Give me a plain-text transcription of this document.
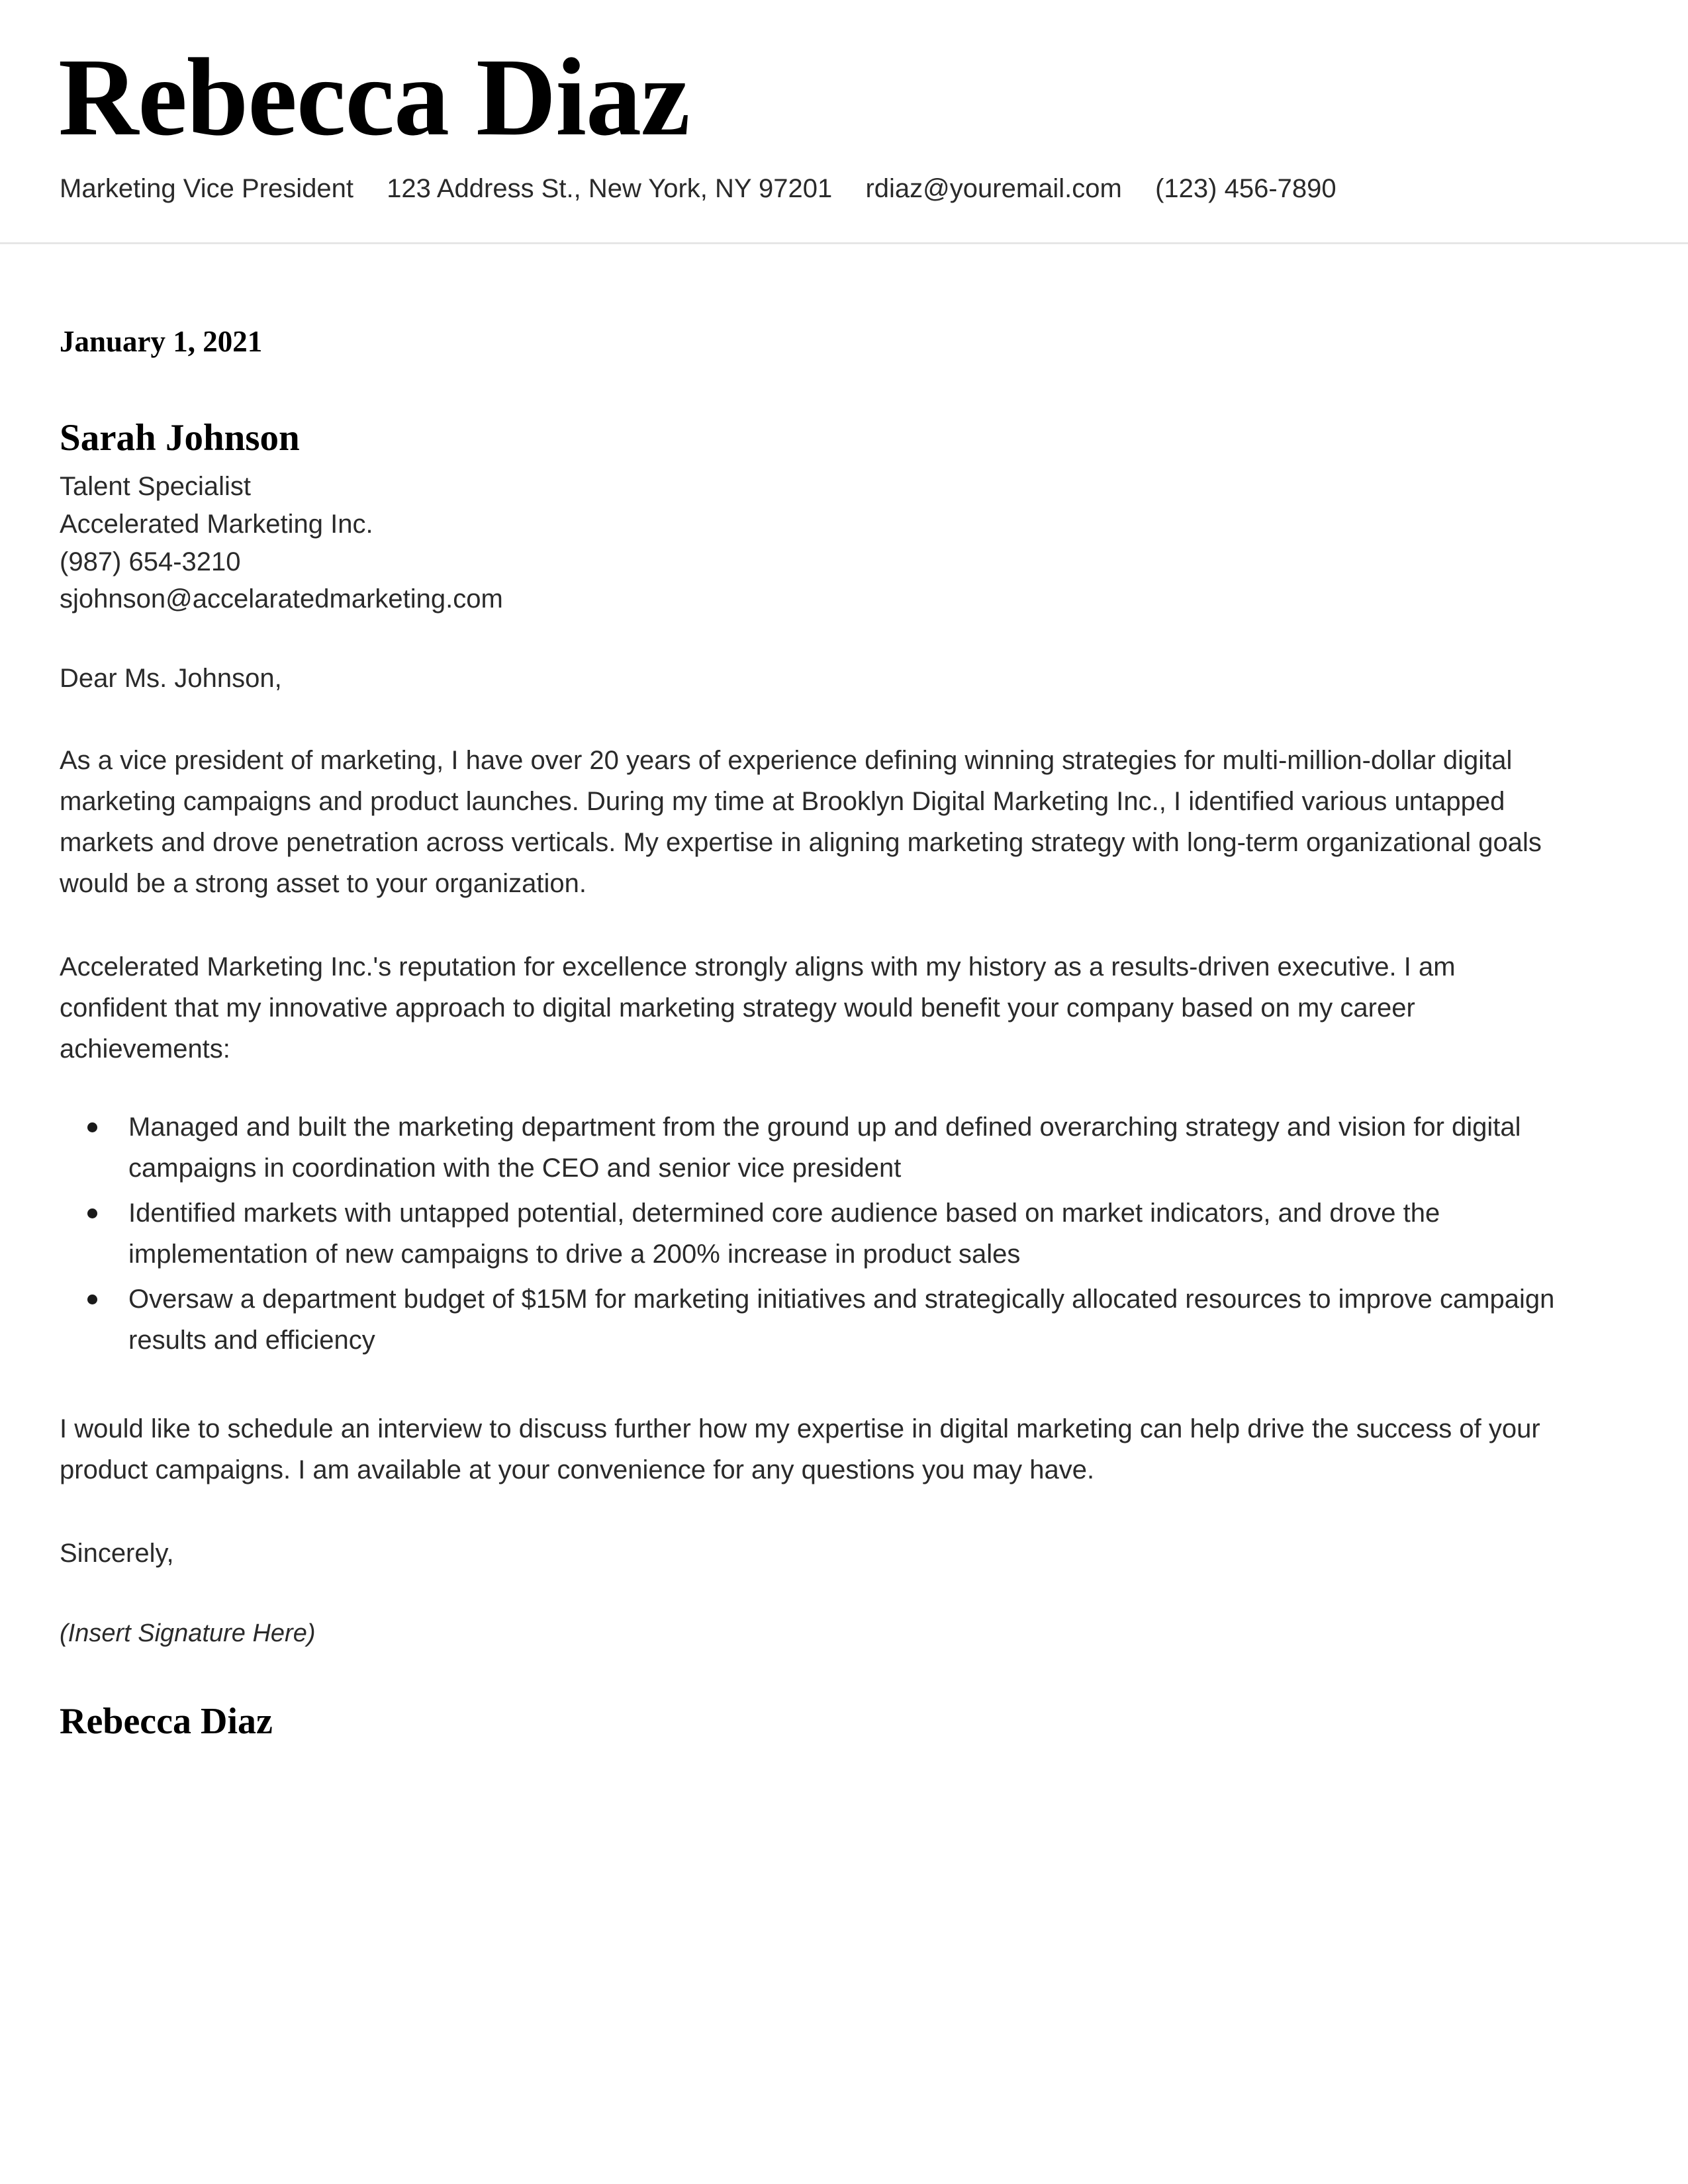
Rebecca Diaz
Marketing Vice President 123 Address St., New York, NY 97201 rdiaz@youremail.com (123) 456-7890
January 1, 2021
Sarah Johnson
Talent Specialist
Accelerated Marketing Inc.
(987) 654-3210
sjohnson@accelaratedmarketing.com
Dear Ms. Johnson,

As a vice president of marketing, I have over 20 years of experience defining winning strategies for multi-million-dollar digital marketing campaigns and product launches. During my time at Brooklyn Digital Marketing Inc., I identified various untapped markets and drove penetration across verticals. My expertise in aligning marketing strategy with long-term organizational goals would be a strong asset to your organization.

Accelerated Marketing Inc.'s reputation for excellence strongly aligns with my history as a results-driven executive. I am confident that my innovative approach to digital marketing strategy would benefit your company based on my career achievements:

Managed and built the marketing department from the ground up and defined overarching strategy and vision for digital campaigns in coordination with the CEO and senior vice president
Identified markets with untapped potential, determined core audience based on market indicators, and drove the implementation of new campaigns to drive a 200% increase in product sales
Oversaw a department budget of $15M for marketing initiatives and strategically allocated resources to improve campaign results and efficiency

I would like to schedule an interview to discuss further how my expertise in digital marketing can help drive the success of your product campaigns. I am available at your convenience for any questions you may have.

Sincerely,
(Insert Signature Here)
Rebecca Diaz
